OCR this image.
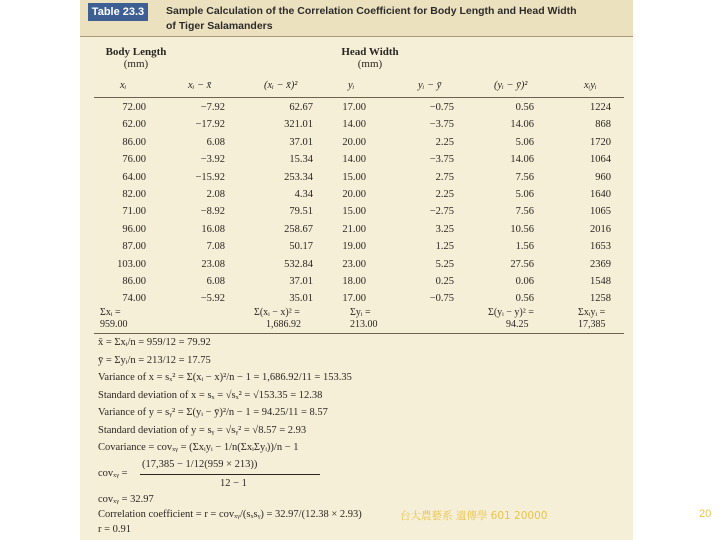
Table 23.3	Sample Calculation of the Correlation Coefficient for Body Length and Head Width
of Tiger Salamanders
Body Length
(mm)
Head Width
(mm)
xᵢ	xᵢ − x̄	(xᵢ − x̄)²	yᵢ	yᵢ − ȳ	(yᵢ − ȳ)²	xᵢyᵢ
72.00	−7.92	62.67	17.00	−0.75	0.56	1224
62.00	−17.92	321.01	14.00	−3.75	14.06	868
86.00	6.08	37.01	20.00	2.25	5.06	1720
76.00	−3.92	15.34	14.00	−3.75	14.06	1064
64.00	−15.92	253.34	15.00	2.75	7.56	960
82.00	2.08	4.34	20.00	2.25	5.06	1640
71.00	−8.92	79.51	15.00	−2.75	7.56	1065
96.00	16.08	258.67	21.00	3.25	10.56	2016
87.00	7.08	50.17	19.00	1.25	1.56	1653
103.00	23.08	532.84	23.00	5.25	27.56	2369
86.00	6.08	37.01	18.00	0.25	0.06	1548
74.00	−5.92	35.01	17.00	−0.75	0.56	1258
Σxᵢ =
959.00
Σ(xᵢ − x)² =
1,686.92
Σyᵢ =
213.00
Σ(yᵢ − y)² =
94.25
Σxᵢyᵢ =
17,385
x̄ = Σxᵢ/n = 959/12 = 79.92
ȳ = Σyᵢ/n = 213/12 = 17.75
Variance of x = sₓ² = Σ(xᵢ − x)²/n − 1 = 1,686.92/11 = 153.35
Standard deviation of x = sₓ = √sₓ² = √153.35 = 12.38
Variance of y = sᵧ² = Σ(yᵢ − ȳ)²/n − 1 = 94.25/11 = 8.57
Standard deviation of y = sᵧ = √sᵧ² = √8.57 = 2.93
Covariance = covₓᵧ = (Σxᵢyᵢ − 1/n(ΣxᵢΣyᵢ))/n − 1
(17,385 − 1/12(959 × 213))
covₓᵧ =
12 − 1
covₓᵧ = 32.97
Correlation coefficient = r = covₓᵧ/(sₓsᵧ) = 32.97/(12.38 × 2.93)
r = 0.91
台大農藝系 遺傳學 601 20000	20
